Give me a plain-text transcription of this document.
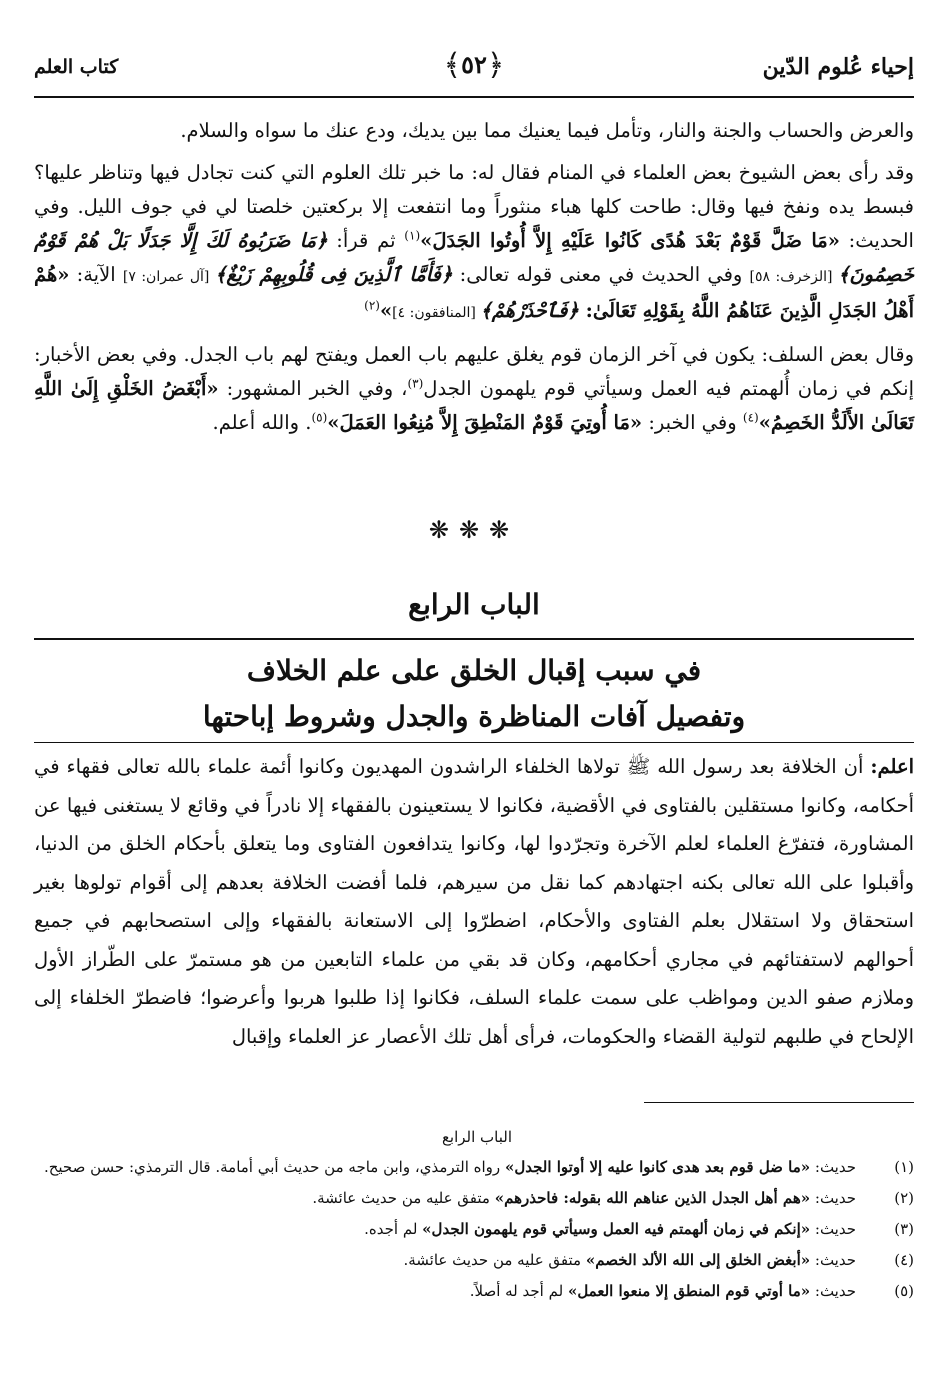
إحياء عُلوم الدّين
﴿٥٢﴾
كتاب العلم

والعرض والحساب والجنة والنار، وتأمل فيما يعنيك مما بين يديك، ودع عنك ما سواه والسلام.

وقد رأى بعض الشيوخ بعض العلماء في المنام فقال له: ما خبر تلك العلوم التي كنت تجادل فيها وتناظر عليها؟ فبسط يده ونفخ فيها وقال: طاحت كلها هباء منثوراً وما انتفعت إلا بركعتين خلصتا لي في جوف الليل. وفي الحديث: «مَا ضَلَّ قَوْمٌ بَعْدَ هُدًى كَانُوا عَلَيْهِ إِلاَّ أُوتُوا الجَدَلَ»$^{(١)}$ ثم قرأ: ﴿مَا ضَرَبُوهُ لَكَ إِلَّا جَدَلًا بَلْ هُمْ قَوْمٌ خَصِمُونَ﴾ [الزخرف: ٥٨] وفي الحديث في معنى قوله تعالى: ﴿فَأَمَّا ٱلَّذِينَ فِى قُلُوبِهِمْ زَيْغٌ﴾ [آل عمران: ٧] الآية: «هُمْ أَهْلُ الجَدَلِ الَّذِينَ عَنَاهُمُ اللَّهُ بِقَوْلِهِ تَعَالَىٰ: ﴿فَٱحْذَرْهُمْ﴾ [المنافقون: ٤]»$^{(٢)}$

وقال بعض السلف: يكون في آخر الزمان قوم يغلق عليهم باب العمل ويفتح لهم باب الجدل. وفي بعض الأخبار: إنكم في زمان أُلهمتم فيه العمل وسيأتي قوم يلهمون الجدل$^{(٣)}$، وفي الخبر المشهور: «أَبْغَضُ الخَلْقِ إِلَىٰ اللَّهِ تَعَالَىٰ الأَلَدُّ الخَصِمُ»$^{(٤)}$ وفي الخبر: «مَا أُوتِيَ قَوْمٌ المَنْطِقَ إِلاَّ مُنِعُوا العَمَلَ»$^{(٥)}$. والله أعلم.

❋❋❋
الباب الرابع
في سبب إقبال الخلق على علم الخلاف
وتفصيل آفات المناظرة والجدل وشروط إباحتها

اعلم: أن الخلافة بعد رسول الله ﷺ تولاها الخلفاء الراشدون المهديون وكانوا أئمة علماء بالله تعالى فقهاء في أحكامه، وكانوا مستقلين بالفتاوى في الأقضية، فكانوا لا يستعينون بالفقهاء إلا نادراً في وقائع لا يستغنى فيها عن المشاورة، فتفرّغ العلماء لعلم الآخرة وتجرّدوا لها، وكانوا يتدافعون الفتاوى وما يتعلق بأحكام الخلق من الدنيا، وأقبلوا على الله تعالى بكنه اجتهادهم كما نقل من سيرهم، فلما أفضت الخلافة بعدهم إلى أقوام تولوها بغير استحقاق ولا استقلال بعلم الفتاوى والأحكام، اضطرّوا إلى الاستعانة بالفقهاء وإلى استصحابهم في جميع أحوالهم لاستفتائهم في مجاري أحكامهم، وكان قد بقي من علماء التابعين من هو مستمرّ على الطّراز الأول وملازم صفو الدين ومواظب على سمت علماء السلف، فكانوا إذا طلبوا هربوا وأعرضوا؛ فاضطرّ الخلفاء إلى الإلحاح في طلبهم لتولية القضاء والحكومات، فرأى أهل تلك الأعصار عز العلماء وإقبال

الباب الرابع
(١)
حديث: «ما ضل قوم بعد هدى كانوا عليه إلا أوتوا الجدل» رواه الترمذي، وابن ماجه من حديث أبي أمامة. قال الترمذي: حسن صحيح.
(٢)
حديث: «هم أهل الجدل الذين عناهم الله بقوله: فاحذرهم» متفق عليه من حديث عائشة.
(٣)
حديث: «إنكم في زمان ألهمتم فيه العمل وسيأتي قوم يلهمون الجدل» لم أجده.
(٤)
حديث: «أبغض الخلق إلى الله الألد الخصم» متفق عليه من حديث عائشة.
(٥)
حديث: «ما أوتي قوم المنطق إلا منعوا العمل» لم أجد له أصلاً.
